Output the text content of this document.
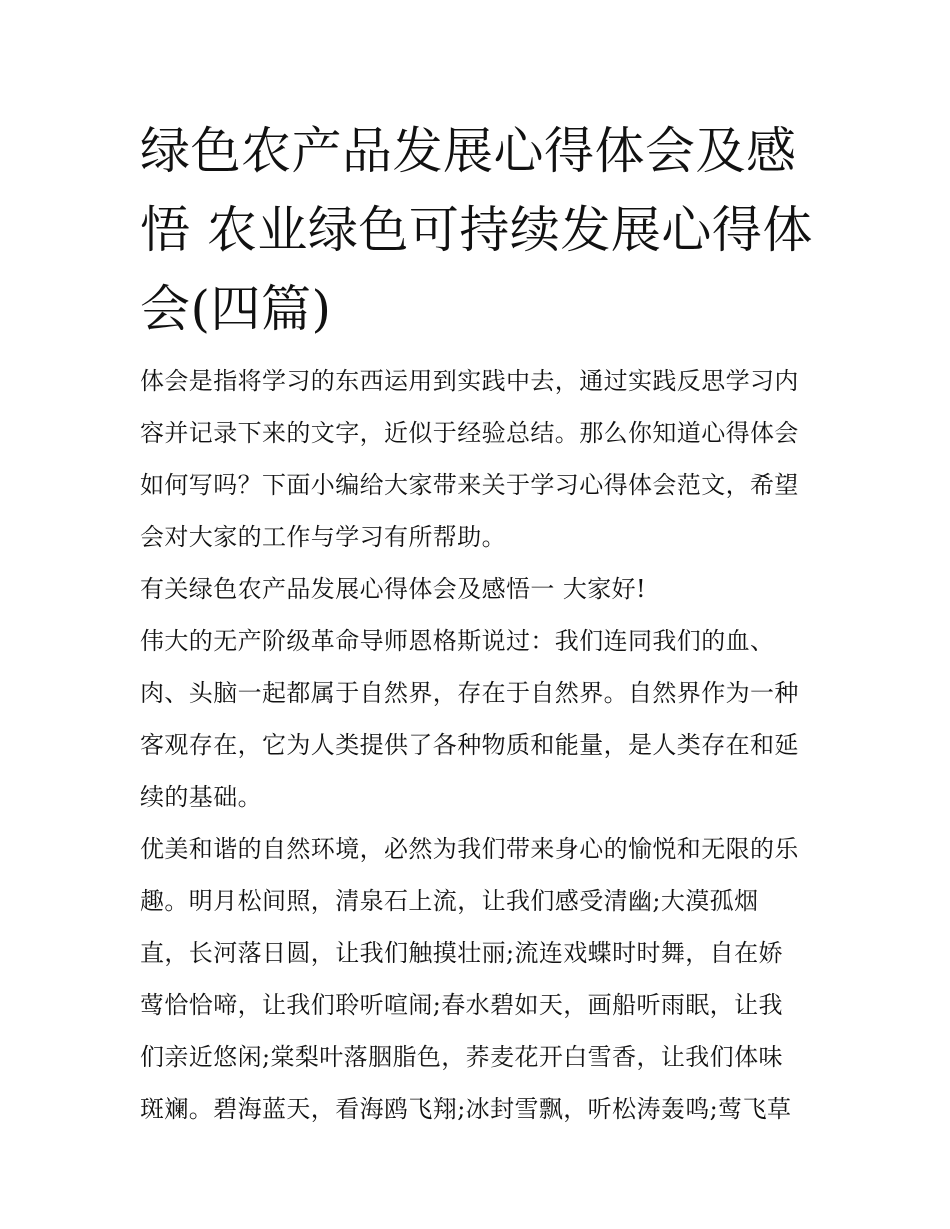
绿色农产品发展心得体会及感
悟 农业绿色可持续发展心得体
会(四篇)
体会是指将学习的东西运用到实践中去，通过实践反思学习内
容并记录下来的文字，近似于经验总结。那么你知道心得体会
如何写吗？下面小编给大家带来关于学习心得体会范文，希望
会对大家的工作与学习有所帮助。
有关绿色农产品发展心得体会及感悟一 大家好!
伟大的无产阶级革命导师恩格斯说过：我们连同我们的血、
肉、头脑一起都属于自然界，存在于自然界。自然界作为一种
客观存在，它为人类提供了各种物质和能量，是人类存在和延
续的基础。
优美和谐的自然环境，必然为我们带来身心的愉悦和无限的乐
趣。明月松间照，清泉石上流，让我们感受清幽;大漠孤烟
直，长河落日圆，让我们触摸壮丽;流连戏蝶时时舞，自在娇
莺恰恰啼，让我们聆听喧闹;春水碧如天，画船听雨眠，让我
们亲近悠闲;棠梨叶落胭脂色，荞麦花开白雪香，让我们体味
斑斓。碧海蓝天，看海鸥飞翔;冰封雪飘，听松涛轰鸣;莺飞草
